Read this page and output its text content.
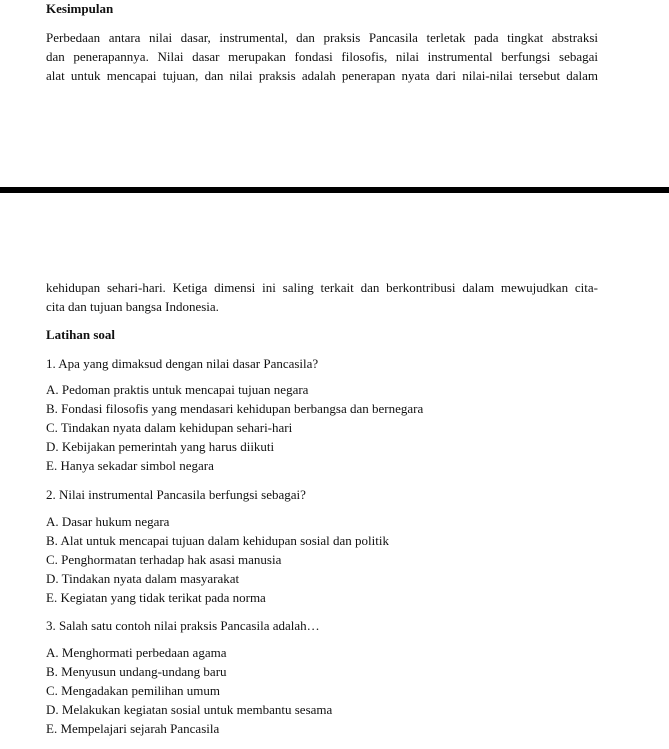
Kesimpulan
Perbedaan antara nilai dasar, instrumental, dan praksis Pancasila terletak pada tingkat abstraksi
dan penerapannya. Nilai dasar merupakan fondasi filosofis, nilai instrumental berfungsi sebagai
alat untuk mencapai tujuan, dan nilai praksis adalah penerapan nyata dari nilai-nilai tersebut dalam
kehidupan sehari-hari. Ketiga dimensi ini saling terkait dan berkontribusi dalam mewujudkan cita-
cita dan tujuan bangsa Indonesia.
Latihan soal
1. Apa yang dimaksud dengan nilai dasar Pancasila?
A. Pedoman praktis untuk mencapai tujuan negara
B. Fondasi filosofis yang mendasari kehidupan berbangsa dan bernegara
C. Tindakan nyata dalam kehidupan sehari-hari
D. Kebijakan pemerintah yang harus diikuti
E. Hanya sekadar simbol negara
2. Nilai instrumental Pancasila berfungsi sebagai?
A. Dasar hukum negara
B. Alat untuk mencapai tujuan dalam kehidupan sosial dan politik
C. Penghormatan terhadap hak asasi manusia
D. Tindakan nyata dalam masyarakat
E. Kegiatan yang tidak terikat pada norma
3. Salah satu contoh nilai praksis Pancasila adalah…
A. Menghormati perbedaan agama
B. Menyusun undang-undang baru
C. Mengadakan pemilihan umum
D. Melakukan kegiatan sosial untuk membantu sesama
E. Mempelajari sejarah Pancasila
